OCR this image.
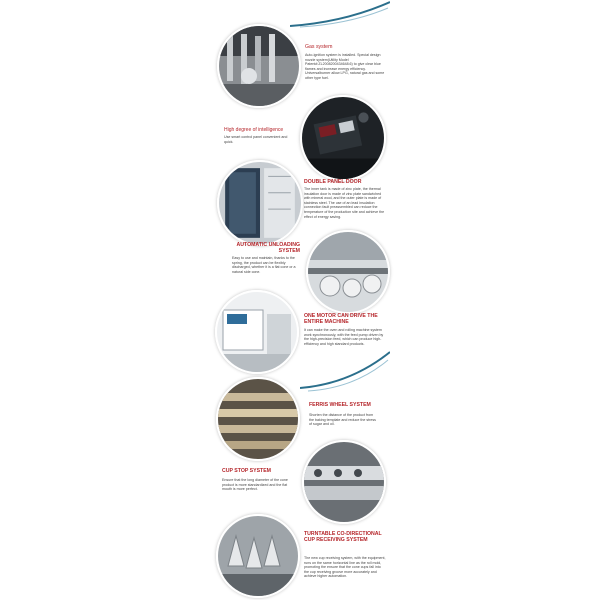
Gas system
Auto-ignition system is installed. Special design nozzle system(Utility Model Patent#:ZL2008200434648.6) to give clear blue flames and increase energy efficiency. Universalburner allow LPG, natural gas and some other type fuel.
High degree of intelligence
Use smart control panel convenient and quick.
DOUBLE PANEL DOOR
The inner tank is made of zinc plate, the thermal insulation door is made of zinc plate sandwiched with mineral wool, and the outer plate is made of stainless steel. The use of an lead insulation connection fault preassembled can reduce the temperature of the production site and achieve the effect of energy saving.
AUTOMATIC UNLOADING SYSTEM
Easy to use and maintain, thanks to the spring, the product can be flexibly discharged, whether it is a flat cone or a natural side cone.
ONE MOTOR CAN DRIVE THE ENTIRE MACHINE
It can make the oven and rolling machine system work synchronously, with the feed pump driven by the high-precision feed, which can produce high-efficiency and high standard products.
FERRIS WHEEL SYSTEM
Shorten the distance of the product from the baking template and reduce the stress of sugar and oil.
CUP STOP SYSTEM
Ensure that the long diameter of the cone product is more standardized and the flat mouth is more perfect.
TURNTABLE CO-DIRECTIONAL CUP RECEIVING SYSTEM
The new cup receiving system, with the equipment, runs on the same horizontal line as the roll mold, promoting the ensure that the cone cups fall into the cup receiving groove more accurately and achieve higher automation.
